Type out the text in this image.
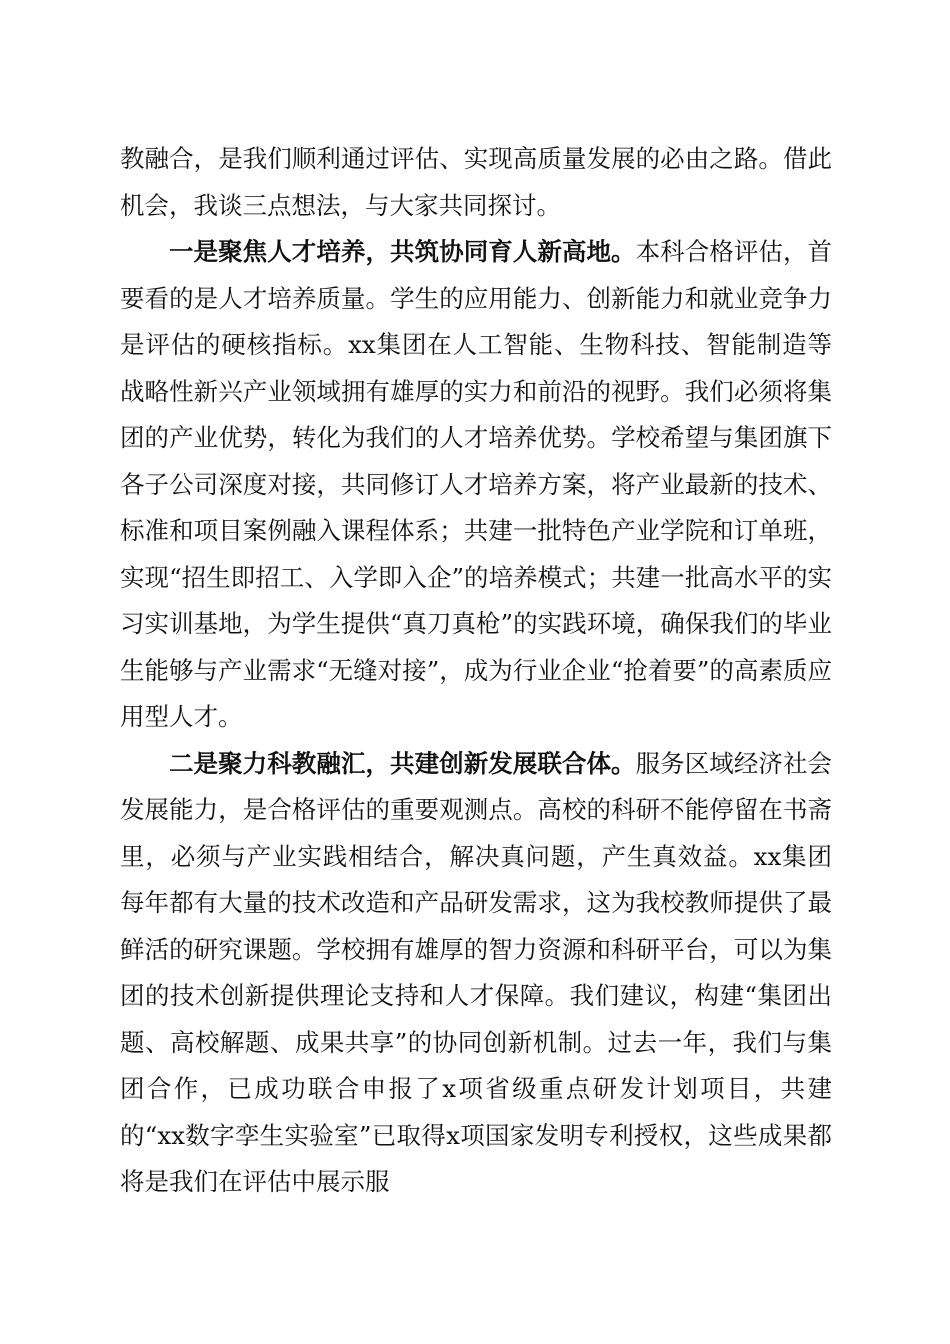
教融合，是我们顺利通过评估、实现高质量发展的必由之路。借此机会，我谈三点想法，与大家共同探讨。

一是聚焦人才培养，共筑协同育人新高地。本科合格评估，首要看的是人才培养质量。学生的应用能力、创新能力和就业竞争力是评估的硬核指标。xx集团在人工智能、生物科技、智能制造等战略性新兴产业领域拥有雄厚的实力和前沿的视野。我们必须将集团的产业优势，转化为我们的人才培养优势。学校希望与集团旗下各子公司深度对接，共同修订人才培养方案，将产业最新的技术、标准和项目案例融入课程体系；共建一批特色产业学院和订单班，实现“招生即招工、入学即入企”的培养模式；共建一批高水平的实习实训基地，为学生提供“真刀真枪”的实践环境，确保我们的毕业生能够与产业需求“无缝对接”，成为行业企业“抢着要”的高素质应用型人才。

二是聚力科教融汇，共建创新发展联合体。服务区域经济社会发展能力，是合格评估的重要观测点。高校的科研不能停留在书斋里，必须与产业实践相结合，解决真问题，产生真效益。xx集团每年都有大量的技术改造和产品研发需求，这为我校教师提供了最鲜活的研究课题。学校拥有雄厚的智力资源和科研平台，可以为集团的技术创新提供理论支持和人才保障。我们建议，构建“集团出题、高校解题、成果共享”的协同创新机制。过去一年，我们与集团合作，已成功联合申报了x项省级重点研发计划项目，共建的“xx数字孪生实验室”已取得x项国家发明专利授权，这些成果都将是我们在评估中展示服
